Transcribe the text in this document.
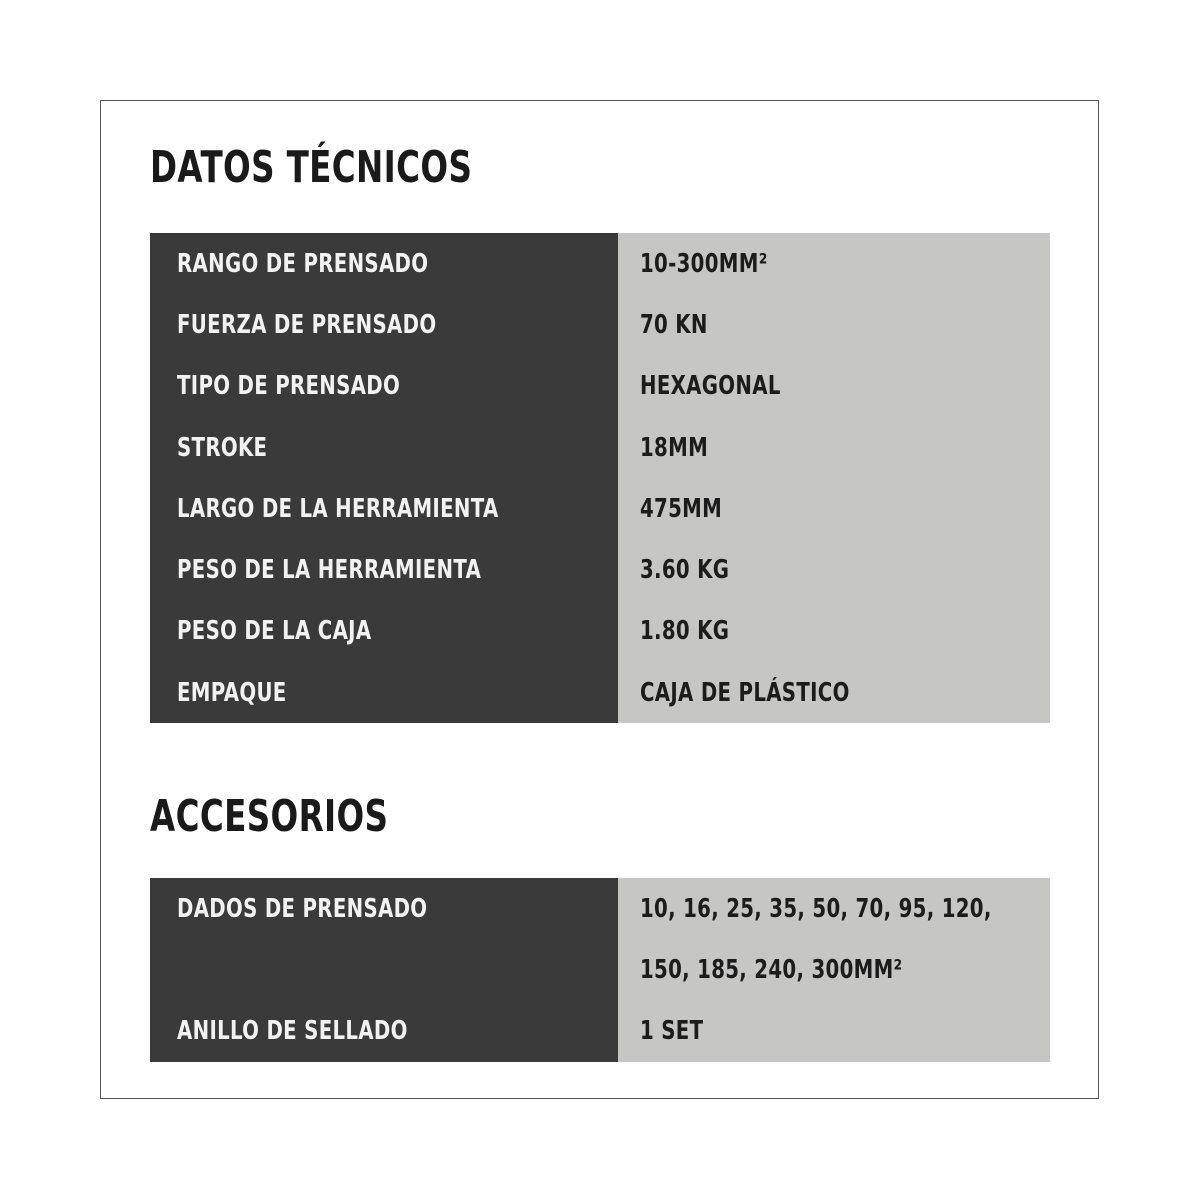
DATOS TÉCNICOS
RANGO DE PRENSADO
FUERZA DE PRENSADO
TIPO DE PRENSADO
STROKE
LARGO DE LA HERRAMIENTA
PESO DE LA HERRAMIENTA
PESO DE LA CAJA
EMPAQUE
10-300MM²
70 KN
HEXAGONAL
18MM
475MM
3.60 KG
1.80 KG
CAJA DE PLÁSTICO
ACCESORIOS
DADOS DE PRENSADO
ANILLO DE SELLADO
10, 16, 25, 35, 50, 70, 95, 120,
150, 185, 240, 300MM²
1 SET
